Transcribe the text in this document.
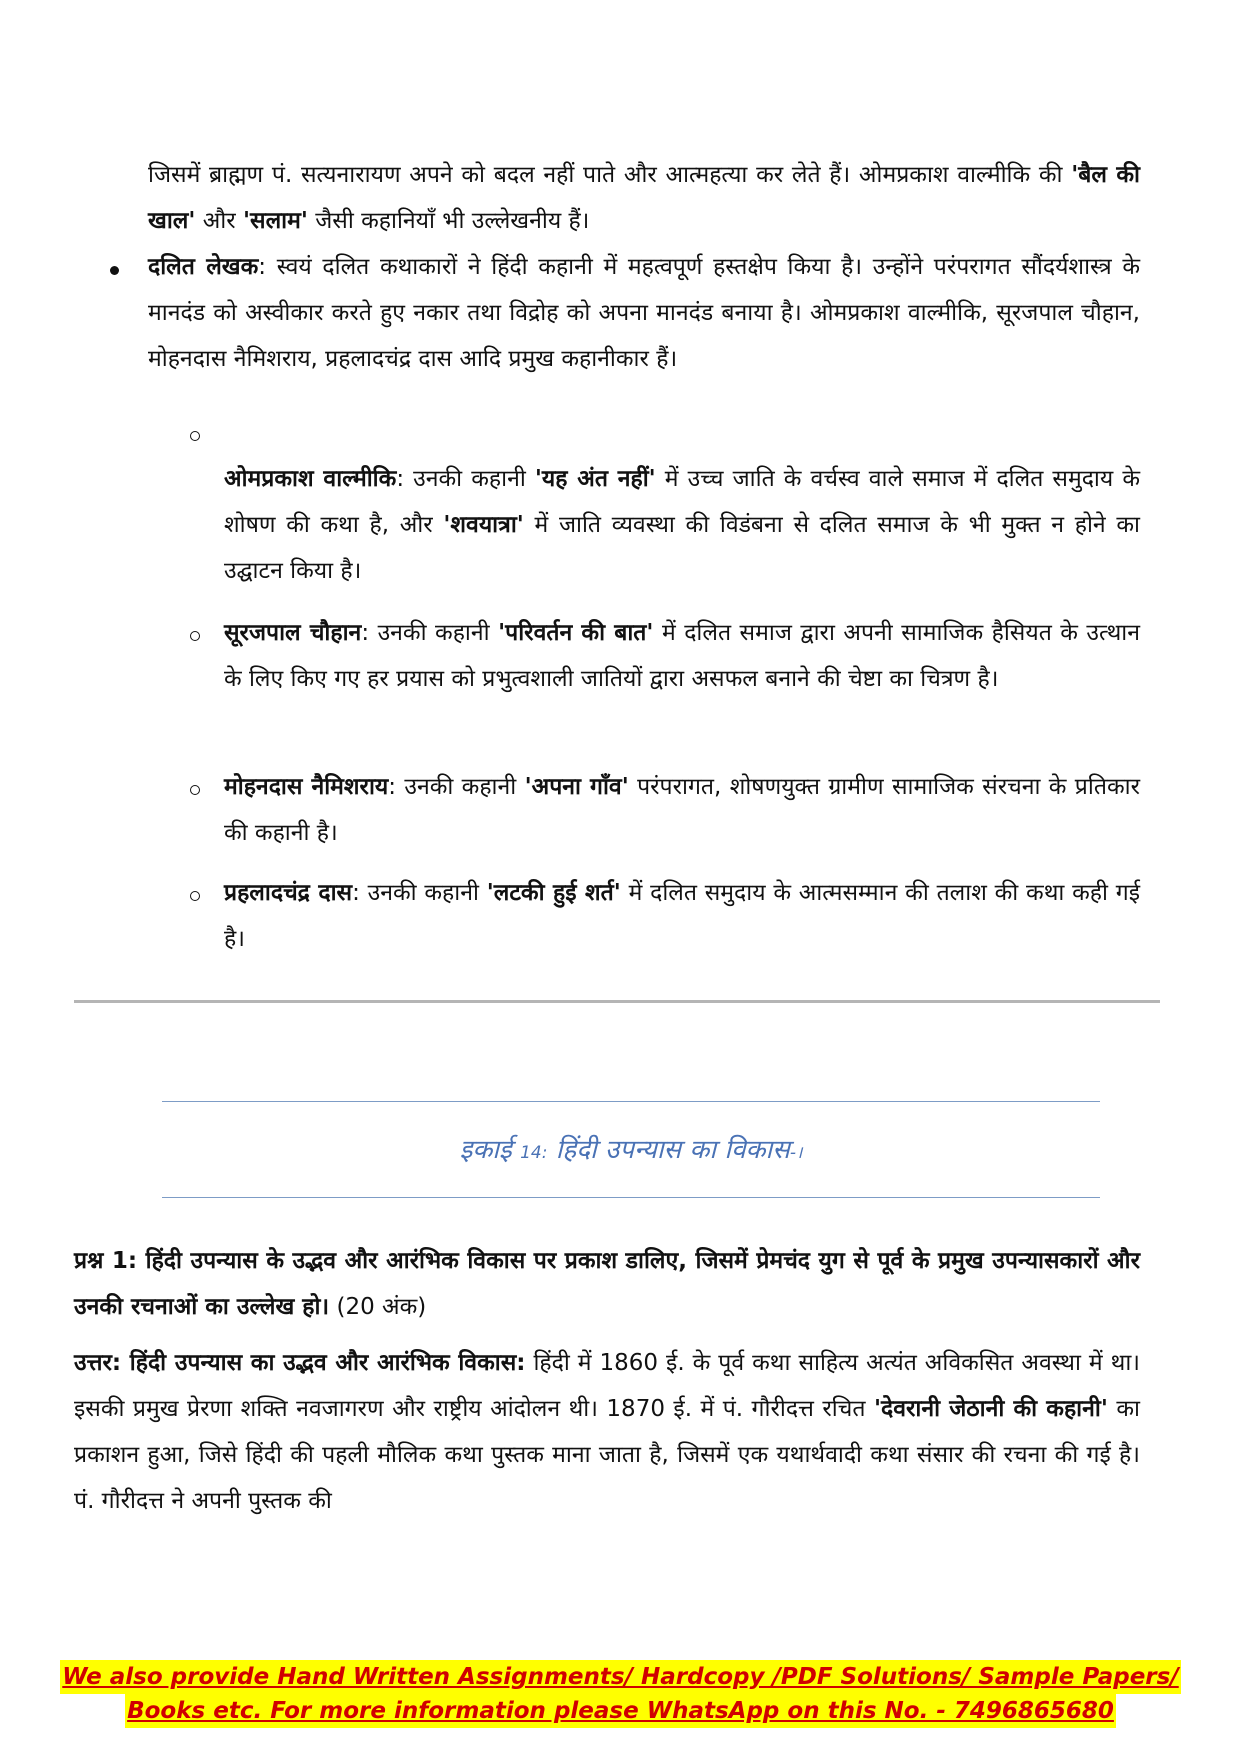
जिसमें ब्राह्मण पं. सत्यनारायण अपने को बदल नहीं पाते और आत्महत्या कर लेते हैं। ओमप्रकाश वाल्मीकि की 'बैल की खाल' और 'सलाम' जैसी कहानियाँ भी उल्लेखनीय हैं।
दलित लेखक: स्वयं दलित कथाकारों ने हिंदी कहानी में महत्वपूर्ण हस्तक्षेप किया है। उन्होंने परंपरागत सौंदर्यशास्त्र के मानदंड को अस्वीकार करते हुए नकार तथा विद्रोह को अपना मानदंड बनाया है। ओमप्रकाश वाल्मीकि, सूरजपाल चौहान, मोहनदास नैमिशराय, प्रहलादचंद्र दास आदि प्रमुख कहानीकार हैं।
ओमप्रकाश वाल्मीकि: उनकी कहानी 'यह अंत नहीं' में उच्च जाति के वर्चस्व वाले समाज में दलित समुदाय के शोषण की कथा है, और 'शवयात्रा' में जाति व्यवस्था की विडंबना से दलित समाज के भी मुक्त न होने का उद्घाटन किया है।
सूरजपाल चौहान: उनकी कहानी 'परिवर्तन की बात' में दलित समाज द्वारा अपनी सामाजिक हैसियत के उत्थान के लिए किए गए हर प्रयास को प्रभुत्वशाली जातियों द्वारा असफल बनाने की चेष्टा का चित्रण है।
मोहनदास नैमिशराय: उनकी कहानी 'अपना गाँव' परंपरागत, शोषणयुक्त ग्रामीण सामाजिक संरचना के प्रतिकार की कहानी है।
प्रहलादचंद्र दास: उनकी कहानी 'लटकी हुई शर्त' में दलित समुदाय के आत्मसम्मान की तलाश की कथा कही गई है।
इकाई 14: हिंदी उपन्यास का विकास-।
प्रश्न 1: हिंदी उपन्यास के उद्भव और आरंभिक विकास पर प्रकाश डालिए, जिसमें प्रेमचंद युग से पूर्व के प्रमुख उपन्यासकारों और उनकी रचनाओं का उल्लेख हो। (20 अंक)
उत्तर: हिंदी उपन्यास का उद्भव और आरंभिक विकास: हिंदी में 1860 ई. के पूर्व कथा साहित्य अत्यंत अविकसित अवस्था में था। इसकी प्रमुख प्रेरणा शक्ति नवजागरण और राष्ट्रीय आंदोलन थी। 1870 ई. में पं. गौरीदत्त रचित 'देवरानी जेठानी की कहानी' का प्रकाशन हुआ, जिसे हिंदी की पहली मौलिक कथा पुस्तक माना जाता है, जिसमें एक यथार्थवादी कथा संसार की रचना की गई है। पं. गौरीदत्त ने अपनी पुस्तक की
We also provide Hand Written Assignments/ Hardcopy /PDF Solutions/ Sample Papers/
Books etc. For more information please WhatsApp on this No. - 7496865680
